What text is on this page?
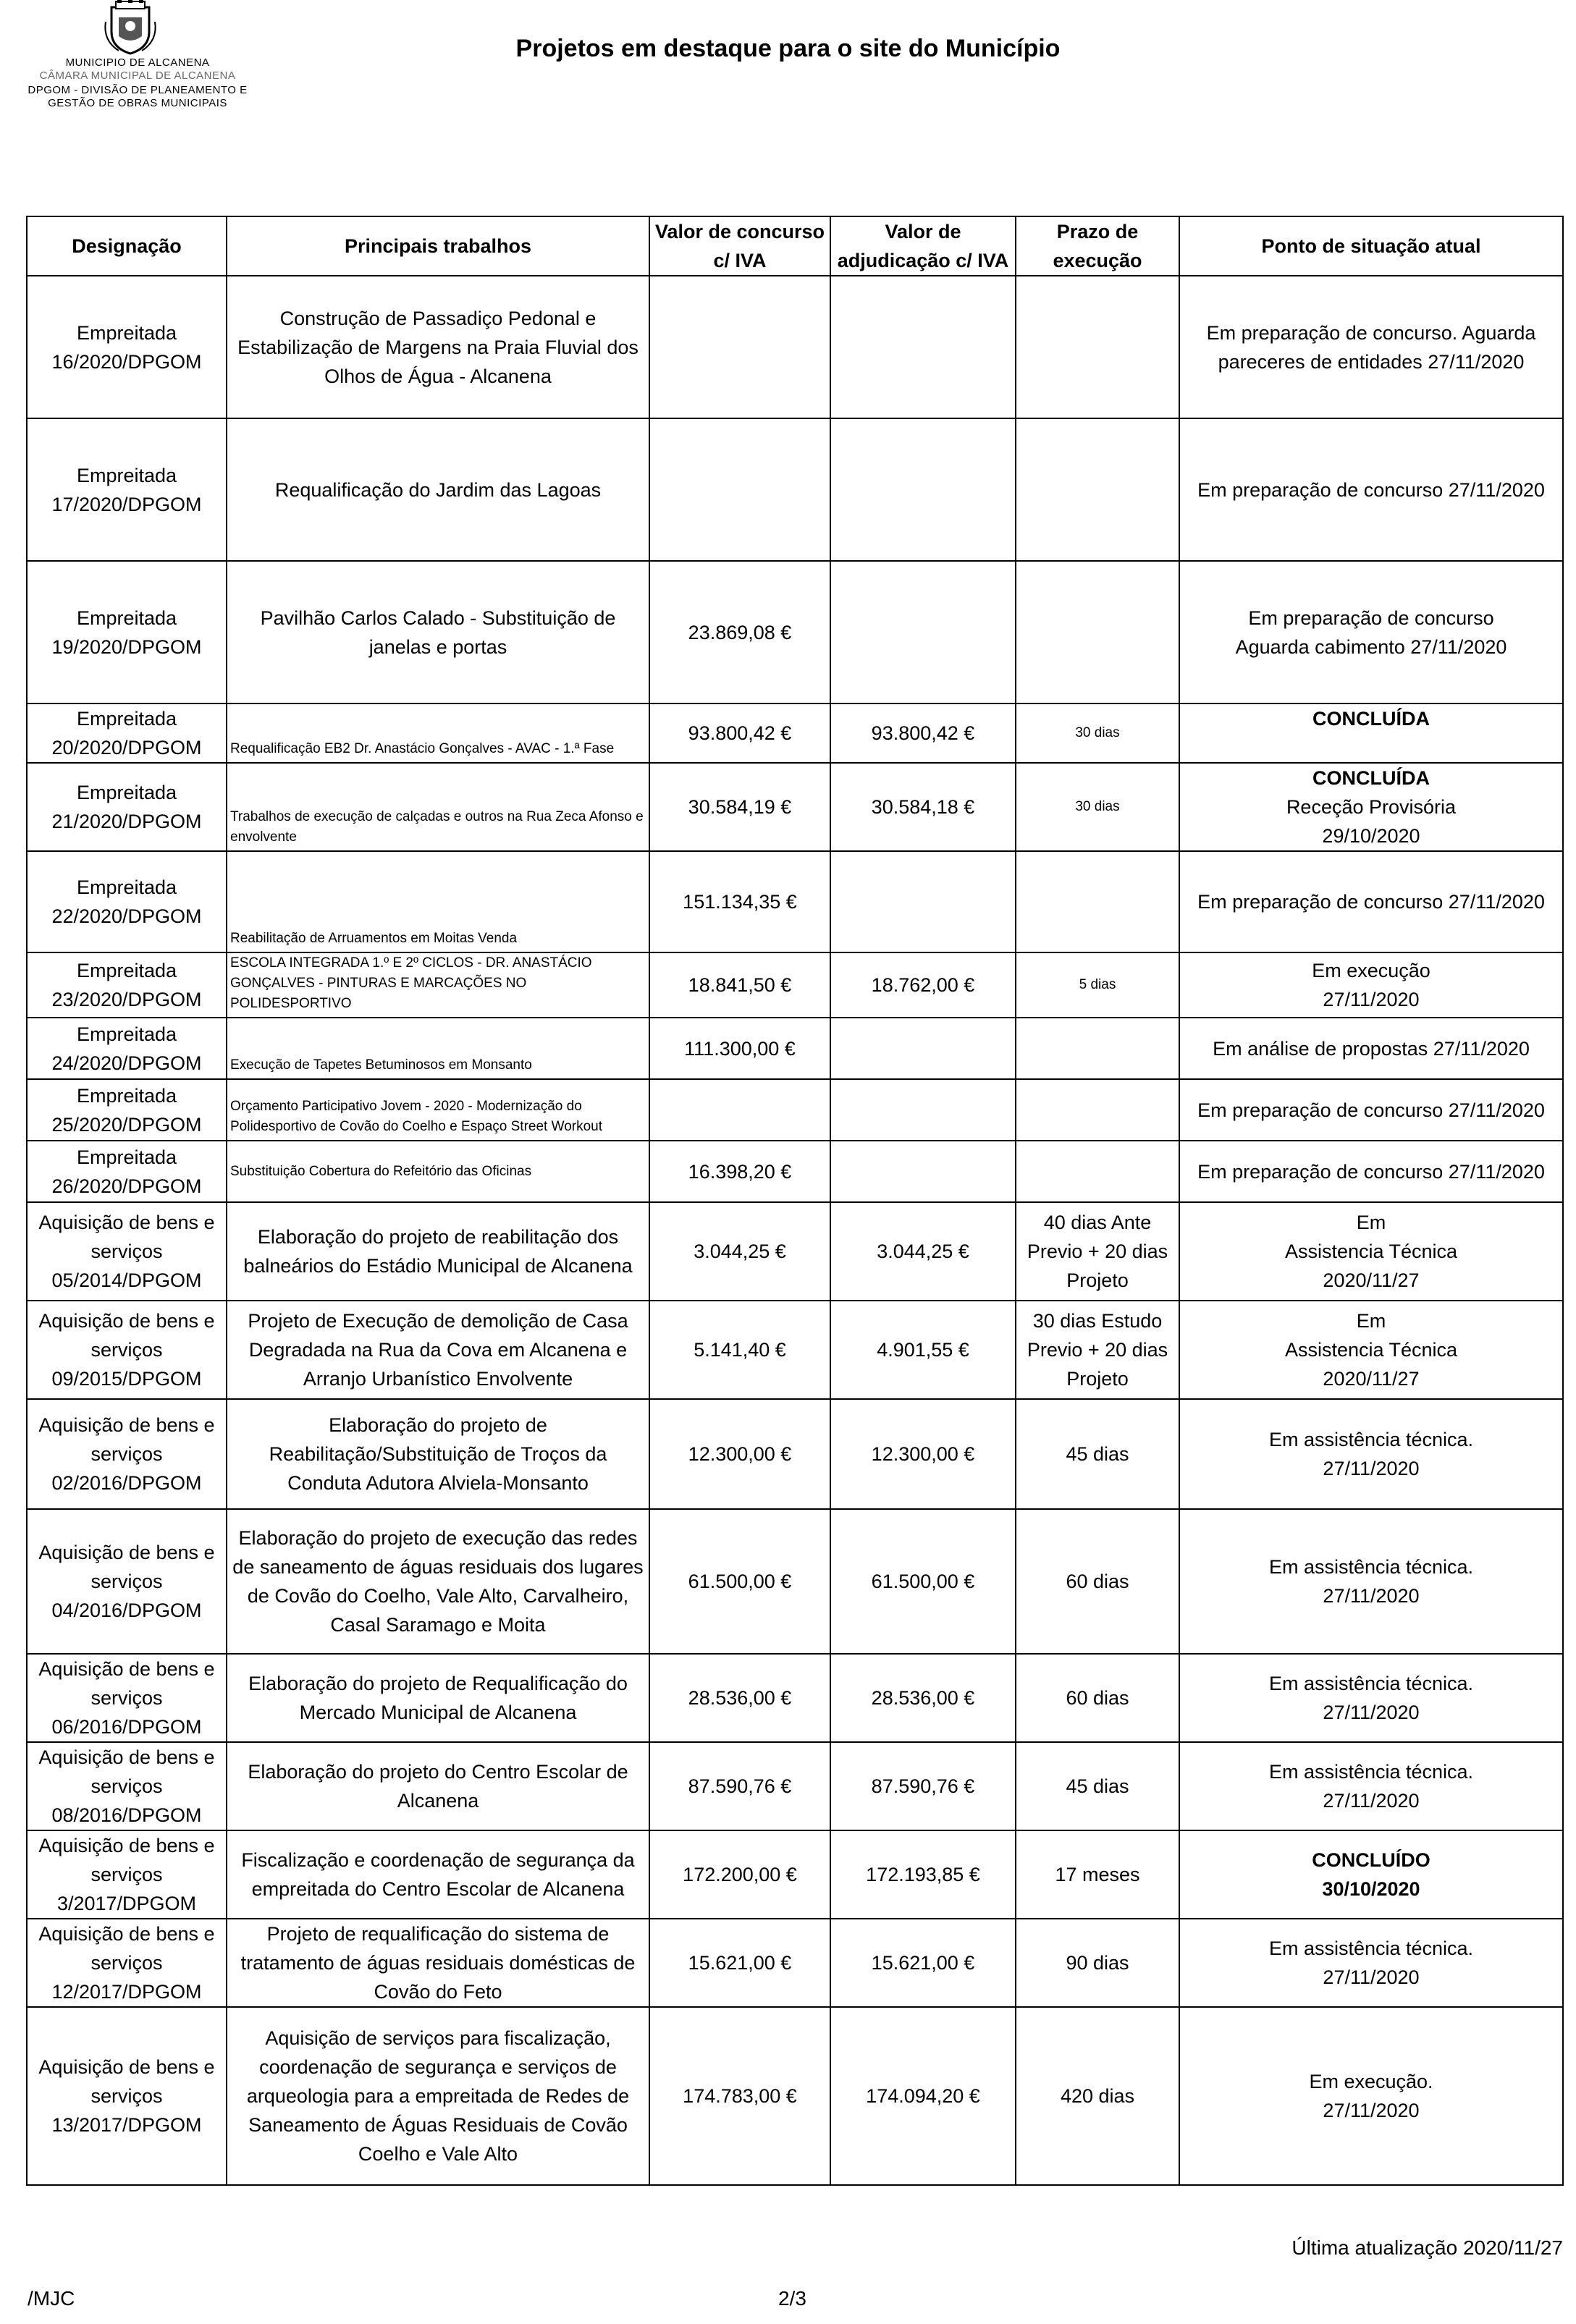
MUNICIPIO DE ALCANENA
CÂMARA MUNICIPAL DE ALCANENA
DPGOM - DIVISÃO DE PLANEAMENTO E
GESTÃO DE OBRAS MUNICIPAIS
Projetos em destaque para o site do Município
Designação	Principais trabalhos	Valor de concurso c/ IVA	Valor de adjudicação c/ IVA	Prazo de execução	Ponto de situação atual
Empreitada 16/2020/DPGOM	Construção de Passadiço Pedonal e Estabilização de Margens na Praia Fluvial dos Olhos de Água - Alcanena				Em preparação de concurso. Aguarda pareceres de entidades 27/11/2020
Empreitada 17/2020/DPGOM	Requalificação do Jardim das Lagoas				Em preparação de concurso 27/11/2020
Empreitada 19/2020/DPGOM	Pavilhão Carlos Calado - Substituição de janelas e portas	23.869,08 €			Em preparação de concurso
Aguarda cabimento 27/11/2020

Empreitada 20/2020/DPGOM	Requalificação EB2 Dr. Anastácio Gonçalves - AVAC - 1.ª Fase	93.800,42 €	93.800,42 €	30 dias	CONCLUÍDA
Empreitada 21/2020/DPGOM	Trabalhos de execução de calçadas e outros na Rua Zeca Afonso e envolvente	30.584,19 €	30.584,18 €	30 dias	CONCLUÍDA
Receção Provisória
29/10/2020

Empreitada 22/2020/DPGOM	Reabilitação de Arruamentos em Moitas Venda	151.134,35 €			Em preparação de concurso 27/11/2020
Empreitada 23/2020/DPGOM	ESCOLA INTEGRADA 1.º E 2º CICLOS - DR. ANASTÁCIO GONÇALVES - PINTURAS E MARCAÇÕES NO POLIDESPORTIVO	18.841,50 €	18.762,00 €	5 dias	Em execução
27/11/2020

Empreitada 24/2020/DPGOM	Execução de Tapetes Betuminosos em Monsanto	111.300,00 €			Em análise de propostas 27/11/2020
Empreitada 25/2020/DPGOM	Orçamento Participativo Jovem - 2020 - Modernização do Polidesportivo de Covão do Coelho e Espaço Street Workout				Em preparação de concurso 27/11/2020
Empreitada 26/2020/DPGOM	Substituição Cobertura do Refeitório das Oficinas	16.398,20 €			Em preparação de concurso 27/11/2020
Aquisição de bens e serviços 05/2014/DPGOM	Elaboração do projeto de reabilitação dos balneários do Estádio Municipal de Alcanena	3.044,25 €	3.044,25 €	40 dias Ante Previo + 20 dias Projeto	Em
Assistencia Técnica
2020/11/27

Aquisição de bens e serviços 09/2015/DPGOM	Projeto de Execução de demolição de Casa Degradada na Rua da Cova em Alcanena e Arranjo Urbanístico Envolvente	5.141,40 €	4.901,55 €	30 dias Estudo Previo + 20 dias Projeto	Em
Assistencia Técnica
2020/11/27

Aquisição de bens e serviços 02/2016/DPGOM	Elaboração do projeto de Reabilitação/Substituição de Troços da Conduta Adutora Alviela-Monsanto	12.300,00 €	12.300,00 €	45 dias	Em assistência técnica.
27/11/2020

Aquisição de bens e serviços 04/2016/DPGOM	Elaboração do projeto de execução das redes de saneamento de águas residuais dos lugares de Covão do Coelho, Vale Alto, Carvalheiro, Casal Saramago e Moita	61.500,00 €	61.500,00 €	60 dias	Em assistência técnica.
27/11/2020

Aquisição de bens e serviços 06/2016/DPGOM	Elaboração do projeto de Requalificação do Mercado Municipal de Alcanena	28.536,00 €	28.536,00 €	60 dias	Em assistência técnica.
27/11/2020

Aquisição de bens e serviços 08/2016/DPGOM	Elaboração do projeto do Centro Escolar de Alcanena	87.590,76 €	87.590,76 €	45 dias	Em assistência técnica.
27/11/2020

Aquisição de bens e serviços 3/2017/DPGOM	Fiscalização e coordenação de segurança da empreitada do Centro Escolar de Alcanena	172.200,00 €	172.193,85 €	17 meses	CONCLUÍDO
30/10/2020

Aquisição de bens e serviços 12/2017/DPGOM	Projeto de requalificação do sistema de tratamento de águas residuais domésticas de Covão do Feto	15.621,00 €	15.621,00 €	90 dias	Em assistência técnica.
27/11/2020

Aquisição de bens e serviços 13/2017/DPGOM	Aquisição de serviços para fiscalização, coordenação de segurança e serviços de arqueologia para a empreitada de Redes de Saneamento de Águas Residuais de Covão Coelho e Vale Alto	174.783,00 €	174.094,20 €	420 dias	Em execução.
27/11/2020
Última atualização 2020/11/27
/MJC	2/3
